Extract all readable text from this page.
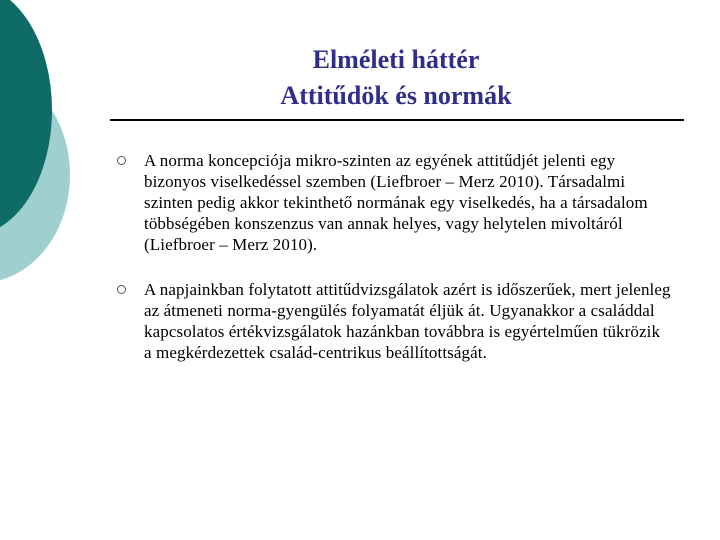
Elméleti háttér
Attitűdök és normák
A norma koncepciója mikro-szinten az egyének attitűdjét jelenti egy bizonyos viselkedéssel szemben (Liefbroer – Merz 2010). Társadalmi szinten pedig akkor tekinthető normának egy viselkedés, ha a társadalom többségében konszenzus van annak helyes, vagy helytelen mivoltáról (Liefbroer – Merz 2010).
A napjainkban folytatott attitűdvizsgálatok azért is időszerűek, mert jelenleg az átmeneti norma-gyengülés folyamatát éljük át. Ugyanakkor a családdal kapcsolatos értékvizsgálatok hazánkban továbbra is egyértelműen tükrözik a megkérdezettek család-centrikus beállítottságát.
